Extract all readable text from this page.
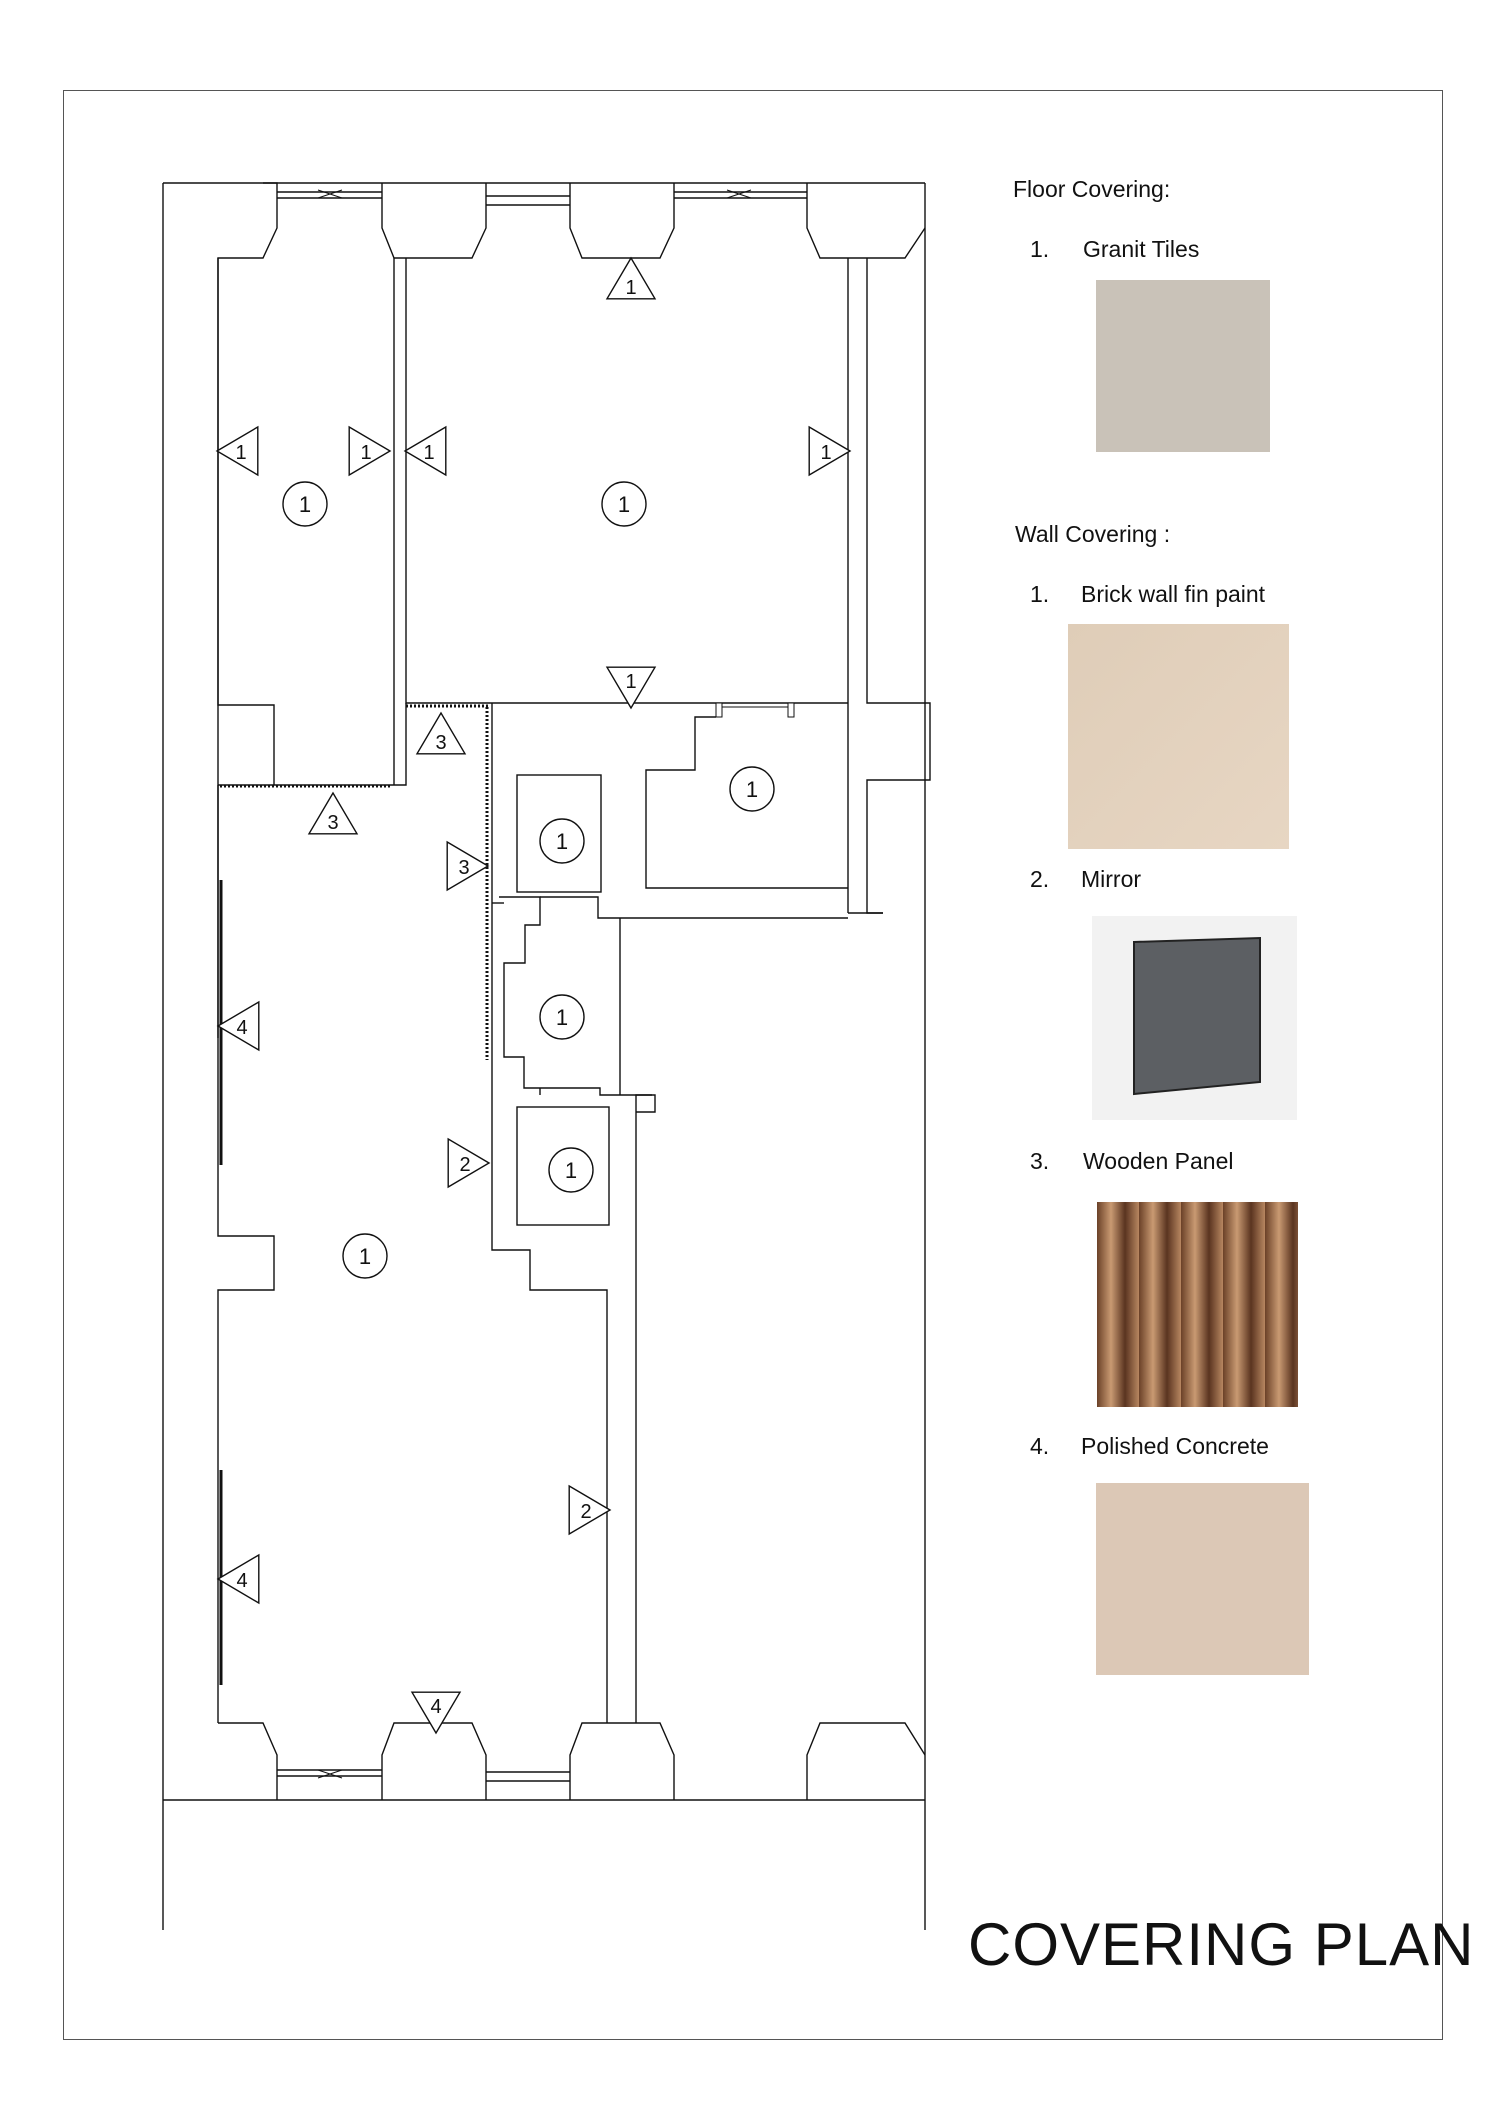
1	1
1
1
1
1
1
1
1	1	1	1
1
3
3
3
4
2
2
4
4
Floor Covering:
1. Granit Tiles
Wall Covering :
1. Brick wall fin paint
2. Mirror
3. Wooden Panel
4. Polished Concrete
COVERING PLAN
